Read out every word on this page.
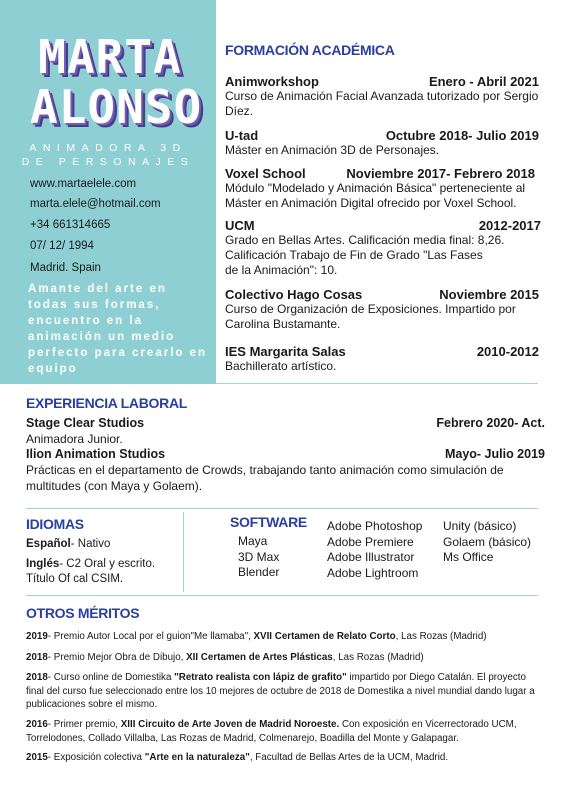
MARTA
ALONSO
ANIMADORA 3D
DE PERSONAJES
www.martaelele.com
marta.elele@hotmail.com
+34 661314665
07/ 12/ 1994
Madrid. Spain
Amante del arte en todas sus formas, encuentro en la animación un medio perfecto para crearlo en equipo
FORMACIÓN ACADÉMICA
Animworkshop	Enero - Abril 2021
Curso de Animación Facial Avanzada tutorizado por Sergio Díez.
U-tad	Octubre 2018- Julio 2019
Máster en Animación 3D de Personajes.
Voxel School	Noviembre 2017- Febrero 2018
Módulo "Modelado y Animación Básica" perteneciente al Máster en Animación Digital ofrecido por Voxel School.
UCM	2012-2017
Grado en Bellas Artes. Calificación media final: 8,26.
Calificación Trabajo de Fin de Grado "Las Fases
de la Animación": 10.
Colectivo Hago Cosas	Noviembre 2015
Curso de Organización de Exposiciones. Impartido por Carolina Bustamante.
IES Margarita Salas	2010-2012
Bachillerato artístico.
EXPERIENCIA LABORAL
Stage Clear Studios	Febrero 2020- Act.
Animadora Junior.
Ilion Animation Studios	Mayo- Julio 2019
Prácticas en el departamento de Crowds, trabajando tanto animación como simulación de multitudes (con Maya y Golaem).
IDIOMAS
Español- Nativo
Inglés- C2 Oral y escrito.
Título Of cal CSIM.
SOFTWARE
Maya
3D Max
Blender
Adobe Photoshop
Adobe Premiere
Adobe Illustrator
Adobe Lightroom
Unity (básico)
Golaem (básico)
Ms Office
OTROS MÉRITOS
2019- Premio Autor Local por el guion"Me llamaba", XVII Certamen de Relato Corto, Las Rozas (Madrid)
2018- Premio Mejor Obra de Dibujo, XII Certamen de Artes Plásticas, Las Rozas (Madrid)
2018- Curso online de Domestika "Retrato realista con lápiz de grafito" impartido por Diego Catalán. El proyecto final del curso fue seleccionado entre los 10 mejores de octubre de 2018 de Domestika a nivel mundial dando lugar a publicaciones sobre el mismo.
2016- Primer premio, XIII Circuito de Arte Joven de Madrid Noroeste. Con exposición en Vicerrectorado UCM, Torrelodones, Collado Villalba, Las Rozas de Madrid, Colmenarejo, Boadilla del Monte y Galapagar.
2015- Exposición colectiva "Arte en la naturaleza", Facultad de Bellas Artes de la UCM, Madrid.
